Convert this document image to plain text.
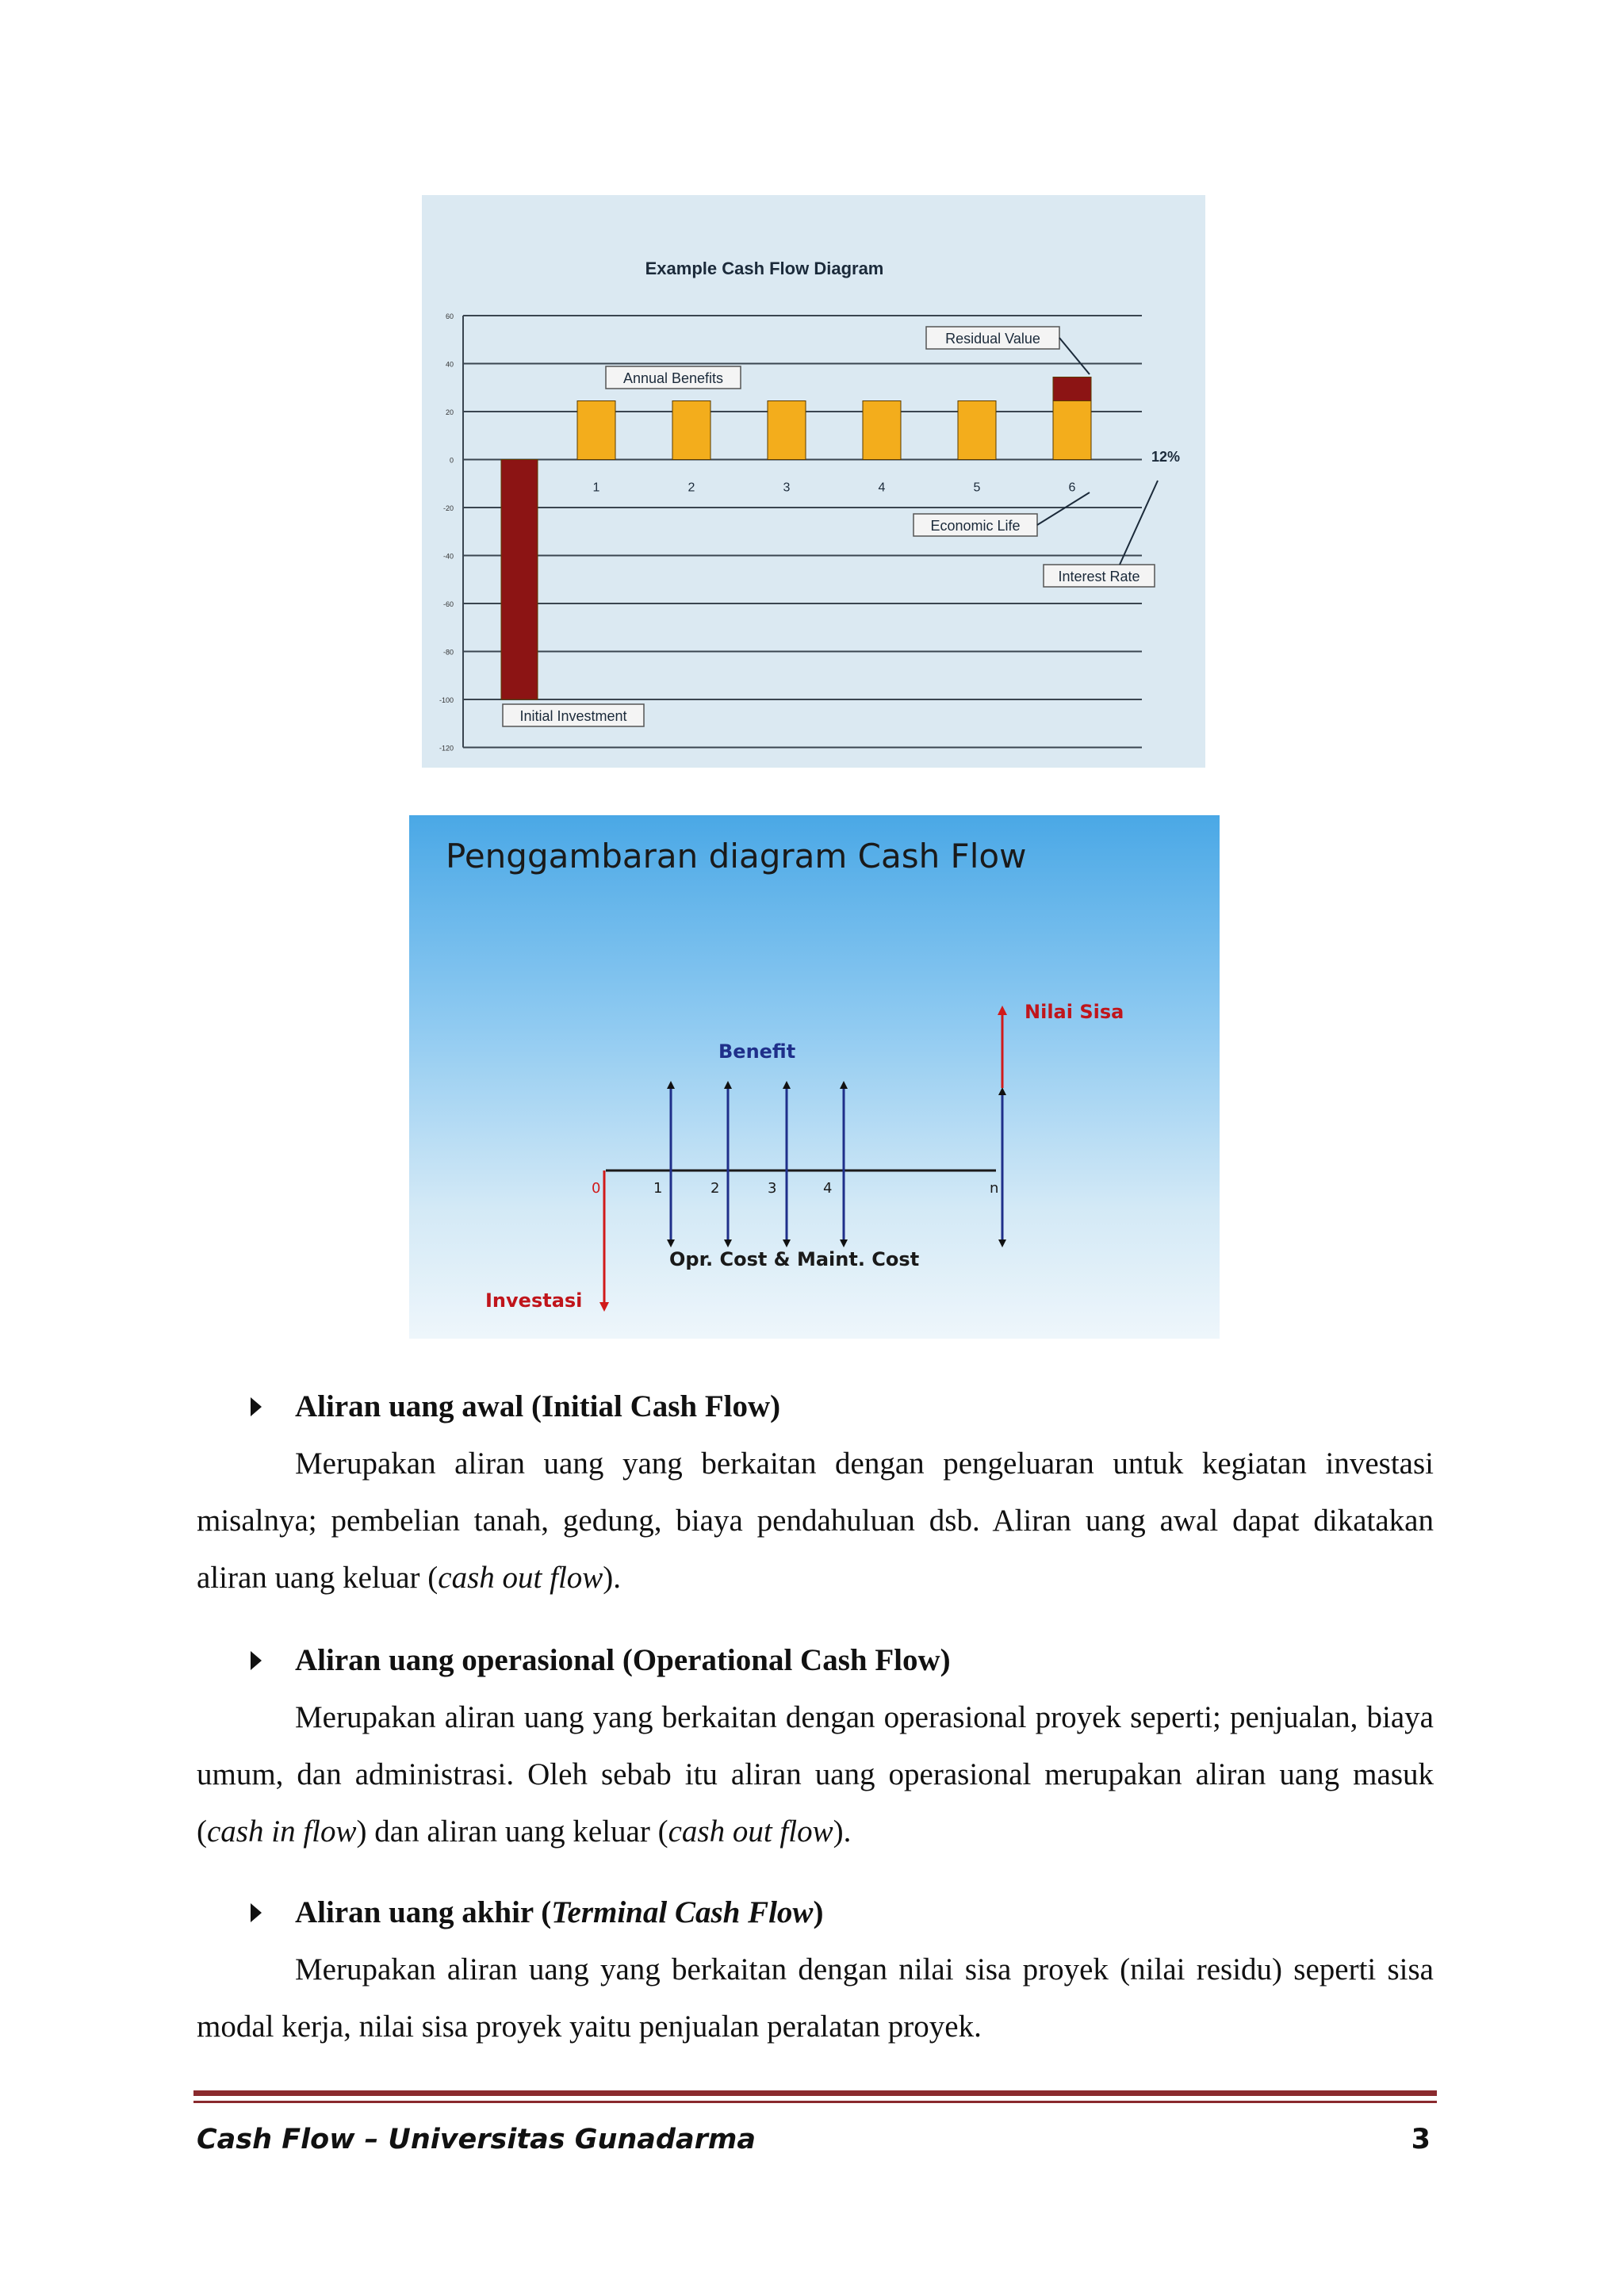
Example Cash Flow Diagram
60
40
20
0
-20
-40
-60
-80
-100
-120
1	2	3	4	5	6
Annual Benefits
Residual Value
Economic Life
Interest Rate
12%
Initial Investment
Penggambaran diagram Cash Flow
0	1	2	3	4	n
Benefit
Nilai Sisa
Opr. Cost & Maint. Cost
Investasi
Aliran uang awal (Initial Cash Flow)

Merupakan aliran uang yang berkaitan dengan pengeluaran untuk kegiatan investasi misalnya; pembelian tanah, gedung, biaya pendahuluan dsb. Aliran uang awal dapat dikatakan aliran uang keluar (cash out flow).

Aliran uang operasional (Operational Cash Flow)

Merupakan aliran uang yang berkaitan dengan operasional proyek seperti; penjualan, biaya umum, dan administrasi. Oleh sebab itu aliran uang operasional merupakan aliran uang masuk (cash in flow) dan aliran uang keluar (cash out flow).

Aliran uang akhir (Terminal Cash Flow)

Merupakan aliran uang yang berkaitan dengan nilai sisa proyek (nilai residu) seperti sisa modal kerja, nilai sisa proyek yaitu penjualan peralatan proyek.

Cash Flow – Universitas Gunadarma	3
